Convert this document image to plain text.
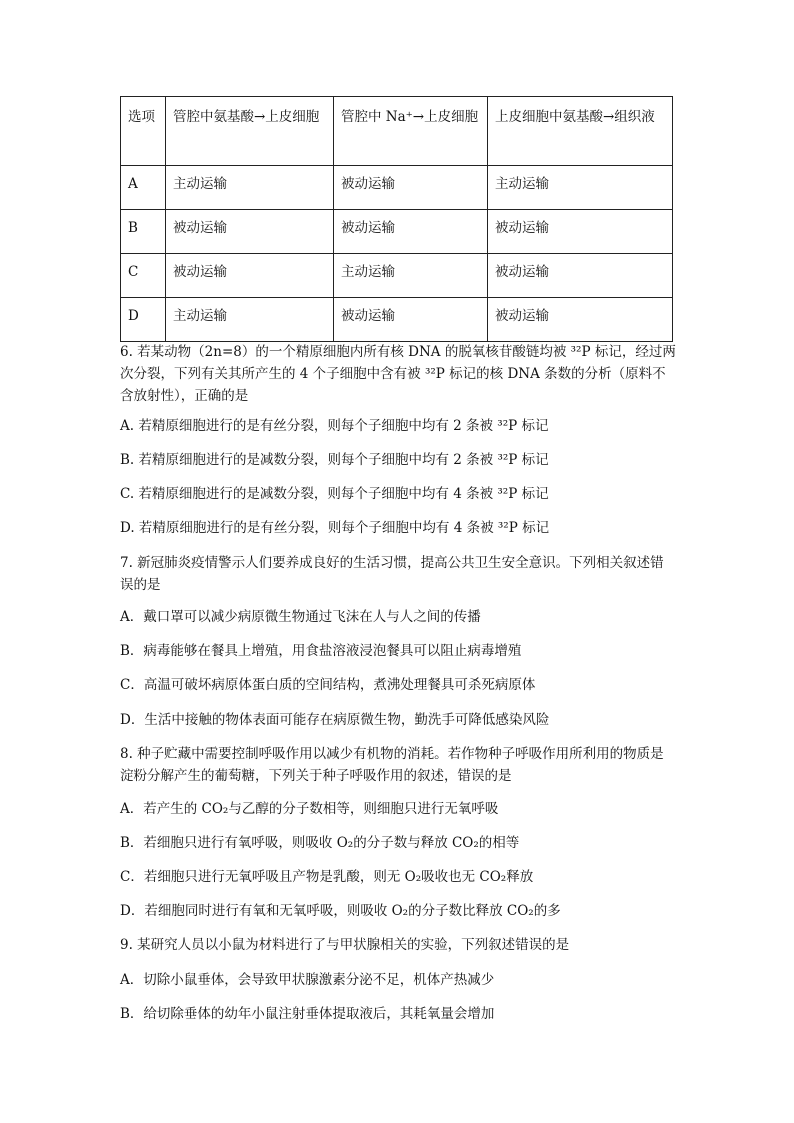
选项	管腔中氨基酸→上皮细胞	管腔中 Na⁺→上皮细胞	上皮细胞中氨基酸→组织液
A	主动运输	被动运输	主动运输
B	被动运输	被动运输	被动运输
C	被动运输	主动运输	被动运输
D	主动运输	被动运输	被动运输
6. 若某动物（2n=8）的一个精原细胞内所有核 DNA 的脱氧核苷酸链均被 ³²P 标记，经过两次分裂，下列有关其所产生的 4 个子细胞中含有被 ³²P 标记的核 DNA 条数的分析（原料不含放射性），正确的是
A. 若精原细胞进行的是有丝分裂，则每个子细胞中均有 2 条被 ³²P 标记
B. 若精原细胞进行的是减数分裂，则每个子细胞中均有 2 条被 ³²P 标记
C. 若精原细胞进行的是减数分裂，则每个子细胞中均有 4 条被 ³²P 标记
D. 若精原细胞进行的是有丝分裂，则每个子细胞中均有 4 条被 ³²P 标记
7. 新冠肺炎疫情警示人们要养成良好的生活习惯，提高公共卫生安全意识。下列相关叙述错误的是
A．戴口罩可以减少病原微生物通过飞沫在人与人之间的传播
B．病毒能够在餐具上增殖，用食盐溶液浸泡餐具可以阻止病毒增殖
C．高温可破坏病原体蛋白质的空间结构，煮沸处理餐具可杀死病原体
D．生活中接触的物体表面可能存在病原微生物，勤洗手可降低感染风险
8. 种子贮藏中需要控制呼吸作用以减少有机物的消耗。若作物种子呼吸作用所利用的物质是淀粉分解产生的葡萄糖，下列关于种子呼吸作用的叙述，错误的是
A．若产生的 CO₂与乙醇的分子数相等，则细胞只进行无氧呼吸
B．若细胞只进行有氧呼吸，则吸收 O₂的分子数与释放 CO₂的相等
C．若细胞只进行无氧呼吸且产物是乳酸，则无 O₂吸收也无 CO₂释放
D．若细胞同时进行有氧和无氧呼吸，则吸收 O₂的分子数比释放 CO₂的多
9. 某研究人员以小鼠为材料进行了与甲状腺相关的实验，下列叙述错误的是
A．切除小鼠垂体，会导致甲状腺激素分泌不足，机体产热减少
B．给切除垂体的幼年小鼠注射垂体提取液后，其耗氧量会增加
